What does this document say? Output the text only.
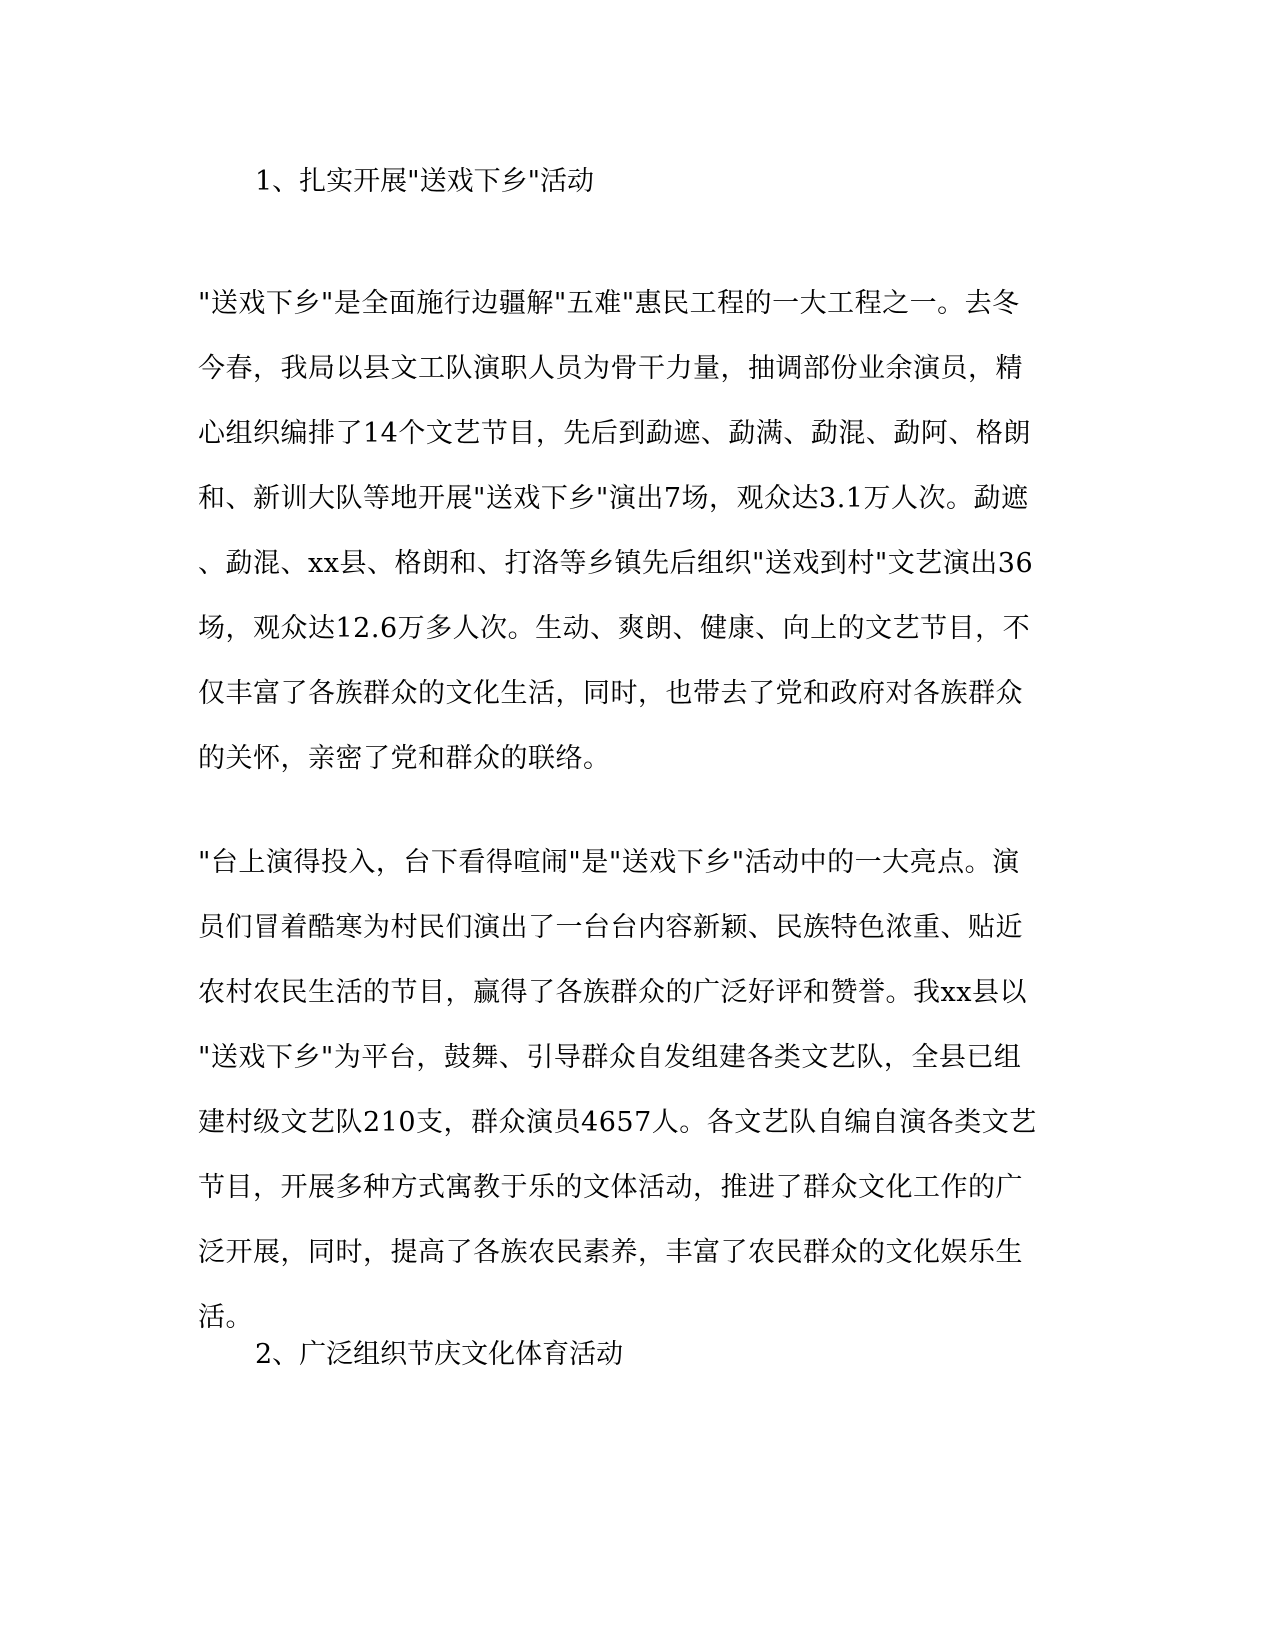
1、扎实开展"送戏下乡"活动

"送戏下乡"是全面施行边疆解"五难"惠民工程的一大工程之一。去冬
今春，我局以县文工队演职人员为骨干力量，抽调部份业余演员，精
心组织编排了14个文艺节目，先后到勐遮、勐满、勐混、勐阿、格朗
和、新训大队等地开展"送戏下乡"演出7场，观众达3.1万人次。勐遮
、勐混、xx县、格朗和、打洛等乡镇先后组织"送戏到村"文艺演出36
场，观众达12.6万多人次。生动、爽朗、健康、向上的文艺节目，不
仅丰富了各族群众的文化生活，同时，也带去了党和政府对各族群众
的关怀，亲密了党和群众的联络。
"台上演得投入，台下看得喧闹"是"送戏下乡"活动中的一大亮点。演
员们冒着酷寒为村民们演出了一台台内容新颖、民族特色浓重、贴近
农村农民生活的节目，赢得了各族群众的广泛好评和赞誉。我xx县以
"送戏下乡"为平台，鼓舞、引导群众自发组建各类文艺队，全县已组
建村级文艺队210支，群众演员4657人。各文艺队自编自演各类文艺
节目，开展多种方式寓教于乐的文体活动，推进了群众文化工作的广
泛开展，同时，提高了各族农民素养，丰富了农民群众的文化娱乐生
活。

2、广泛组织节庆文化体育活动
